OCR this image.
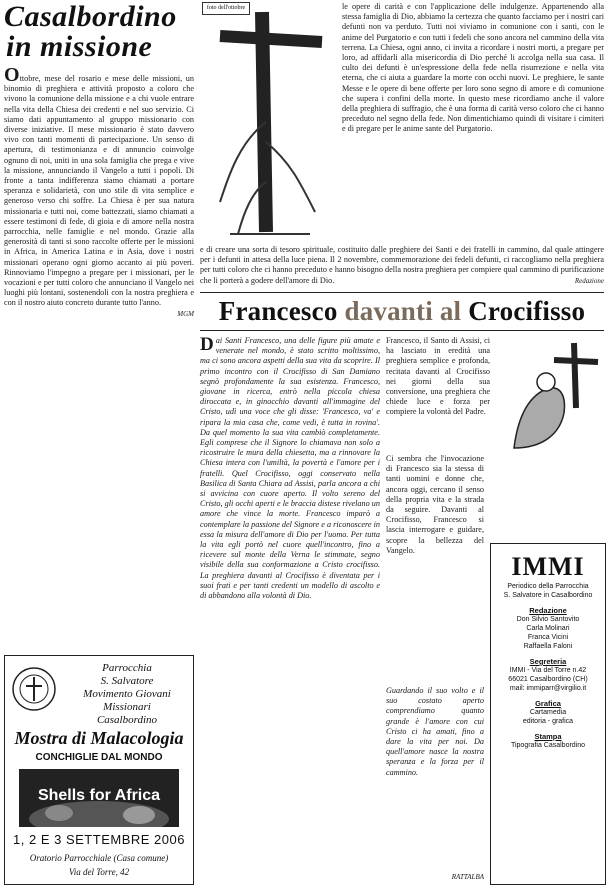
Casalbordino
in missione

Ottobre, mese del rosario e mese delle missioni, un binomio di preghiera e attività proposto a coloro che vivono la comunione della missione e a chi vuole entrare nella vita della Chiesa dei credenti e nel suo servizio. Ci siamo dati appuntamento al gruppo missionario con diverse iniziative. Il mese missionario è stato davvero vivo con tanti momenti di partecipazione. Un senso di apertura, di testimonianza e di annuncio coinvolge ognuno di noi, uniti in una sola famiglia che prega e vive la missione, annunciando il Vangelo a tutti i popoli. Di fronte a tanta indifferenza siamo chiamati a portare speranza e solidarietà, con uno stile di vita semplice e generoso verso chi soffre. La Chiesa è per sua natura missionaria e tutti noi, come battezzati, siamo chiamati a essere testimoni di fede, di gioia e di amore nella nostra parrocchia, nelle famiglie e nel mondo. Grazie alla generosità di tanti si sono raccolte offerte per le missioni in Africa, in America Latina e in Asia, dove i nostri missionari operano ogni giorno accanto ai più poveri. Rinnoviamo l'impegno a pregare per i missionari, per le vocazioni e per tutti coloro che annunciano il Vangelo nei luoghi più lontani, sostenendoli con la nostra preghiera e con il nostro aiuto concreto durante tutto l'anno.

MGM

Parrocchia
S. Salvatore
Movimento Giovani Missionari
Casalbordino
Mostra di Malacologia
CONCHIGLIE DAL MONDO
Shells for Africa
1, 2 E 3 SETTEMBRE 2006
Oratorio Parrocchiale (Casa comune)
Via del Torre, 42
foto dell'ottobre	le opere di carità e con l'applicazione delle indulgenze. Appartenendo alla stessa famiglia di Dio, abbiamo la certezza che quanto facciamo per i nostri cari defunti non va perduto. Tutti noi viviamo in comunione con i santi, con le anime del Purgatorio e con tutti i fedeli che sono ancora nel cammino della vita terrena. La Chiesa, ogni anno, ci invita a ricordare i nostri morti, a pregare per loro, ad affidarli alla misericordia di Dio perché li accolga nella sua casa. Il culto dei defunti è un'espressione della fede nella risurrezione e nella vita eterna, che ci aiuta a guardare la morte con occhi nuovi. Le preghiere, le sante Messe e le opere di bene offerte per loro sono segno di amore e di comunione che supera i confini della morte. In questo mese ricordiamo anche il valore della preghiera di suffragio, che è una forma di carità verso coloro che ci hanno preceduto nel segno della fede. Non dimentichiamo quindi di visitare i cimiteri e di pregare per le anime sante del Purgatorio.

e di creare una sorta di tesoro spirituale, costituito dalle preghiere dei Santi e dei fratelli in cammino, dal quale attingere per i defunti in attesa della luce piena. Il 2 novembre, commemorazione dei fedeli defunti, ci raccogliamo nella preghiera per tutti coloro che ci hanno preceduto e hanno bisogno della nostra preghiera per compiere qual cammino di purificazione che li porterà a godere dell'amore di Dio.	Redazione

Francesco davanti al Crocifisso

Dai Santi Francesco, una delle figure più amate e venerate nel mondo, è stato scritto moltissimo, ma ci sono ancora aspetti della sua vita da scoprire. Il primo incontro con il Crocifisso di San Damiano segnò profondamente la sua esistenza. Francesco, giovane in ricerca, entrò nella piccola chiesa diroccata e, in ginocchio davanti all'immagine del Cristo, udì una voce che gli disse: 'Francesco, va' e ripara la mia casa che, come vedi, è tutta in rovina'. Da quel momento la sua vita cambiò completamente. Egli comprese che il Signore lo chiamava non solo a ricostruire le mura della chiesetta, ma a rinnovare la Chiesa intera con l'umiltà, la povertà e l'amore per i fratelli. Quel Crocifisso, oggi conservato nella Basilica di Santa Chiara ad Assisi, parla ancora a chi si avvicina con cuore aperto. Il volto sereno del Cristo, gli occhi aperti e le braccia distese rivelano un amore che vince la morte. Francesco imparò a contemplare la passione del Signore e a riconoscere in essa la misura dell'amore di Dio per l'uomo. Per tutta la vita egli portò nel cuore quell'incontro, fino a ricevere sul monte della Verna le stimmate, segno visibile della sua conformazione a Cristo crocifisso. La preghiera davanti al Crocifisso è diventata per i suoi frati e per tanti credenti un modello di ascolto e di abbandono alla volontà di Dio.

Francesco, il Santo di Assisi, ci ha lasciato in eredità una preghiera semplice e profonda, recitata davanti al Crocifisso nei giorni della sua conversione, una preghiera che chiede luce e forza per compiere la volontà del Padre.
Ci sembra che l'invocazione di Francesco sia la stessa di tanti uomini e donne che, ancora oggi, cercano il senso della propria vita e la strada da seguire. Davanti al Crocifisso, Francesco si lascia interrogare e guidare, scopre la bellezza del Vangelo.
Guardando il suo volto e il suo costato aperto comprendiamo quanto grande è l'amore con cui Cristo ci ha amati, fino a dare la vita per noi. Da quell'amore nasce la nostra speranza e la forza per il cammino.
RATTALBA
IMMI
Periodico della Parrocchia
S. Salvatore in Casalbordino
Redazione
Don Silvio Santovito
Carla Molinari
Franca Vicini
Raffaella Faloni
Segreteria
IMMI - Via del Torre n.42
66021 Casalbordino (CH)
mail: immiparr@virgilio.it
Grafica
Cartamedia
editoria - grafica
Stampa
Tipografia Casalbordino
